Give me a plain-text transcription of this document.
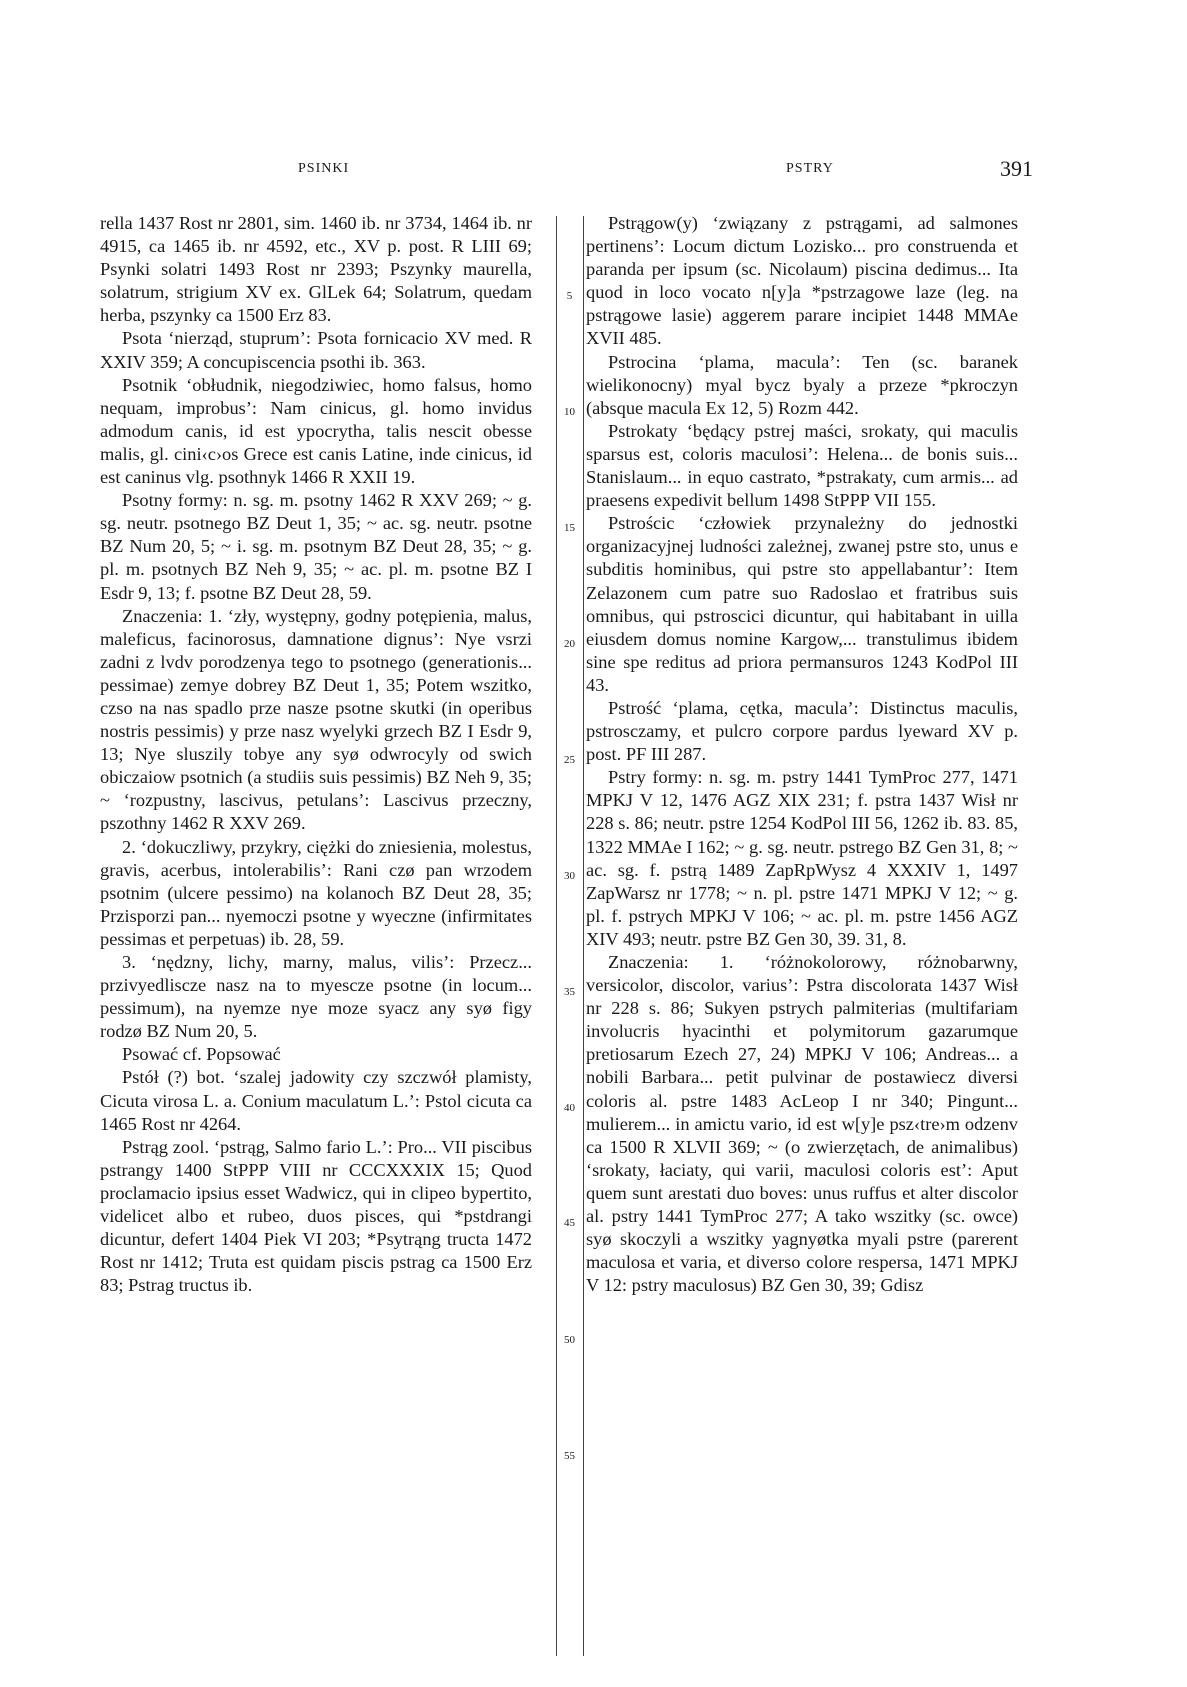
PSINKI	PSTRY	391
5
10
15
20
25
30
35
40
45
50
55

rella 1437 Rost nr 2801, sim. 1460 ib. nr 3734, 1464 ib. nr 4915, ca 1465 ib. nr 4592, etc., XV p. post. R LIII 69; Psynki solatri 1493 Rost nr 2393; Pszynky maurella, solatrum, strigium XV ex. GlLek 64; Solatrum, quedam herba, pszynky ca 1500 Erz 83.

Psota ‘nierząd, stuprum’: Psota fornicacio XV med. R XXIV 359; A concupiscencia psothi ib. 363.

Psotnik ‘obłudnik, niegodziwiec, homo falsus, homo nequam, improbus’: Nam cinicus, gl. homo invidus admodum canis, id est ypocrytha, talis nescit obesse malis, gl. cini‹c›os Grece est canis Latine, inde cinicus, id est caninus vlg. psothnyk 1466 R XXII 19.

Psotny formy: n. sg. m. psotny 1462 R XXV 269; ~ g. sg. neutr. psotnego BZ Deut 1, 35; ~ ac. sg. neutr. psotne BZ Num 20, 5; ~ i. sg. m. psotnym BZ Deut 28, 35; ~ g. pl. m. psotnych BZ Neh 9, 35; ~ ac. pl. m. psotne BZ I Esdr 9, 13; f. psotne BZ Deut 28, 59.

Znaczenia: 1. ‘zły, występny, godny potępienia, malus, maleficus, facinorosus, damnatione dignus’: Nye vsrzi zadni z lvdv porodzenya tego to psotnego (generationis... pessimae) zemye dobrey BZ Deut 1, 35; Potem wszitko, czso na nas spadlo prze nasze psotne skutki (in operibus nostris pessimis) y prze nasz wyelyki grzech BZ I Esdr 9, 13; Nye sluszily tobye any syø odwrocyly od swich obiczaiow psotnich (a studiis suis pessimis) BZ Neh 9, 35; ~ ‘rozpustny, lascivus, petulans’: Lascivus przeczny, pszothny 1462 R XXV 269.

2. ‘dokuczliwy, przykry, ciężki do zniesienia, molestus, gravis, acerbus, intolerabilis’: Rani czø pan wrzodem psotnim (ulcere pessimo) na kolanoch BZ Deut 28, 35; Przisporzi pan... nyemoczi psotne y wyeczne (infirmitates pessimas et perpetuas) ib. 28, 59.

3. ‘nędzny, lichy, marny, malus, vilis’: Przecz... przivyedliscze nasz na to myescze psotne (in locum... pessimum), na nyemze nye moze syacz any syø figy rodzø BZ Num 20, 5.

Psować cf. Popsować

Pstół (?) bot. ‘szalej jadowity czy szczwół plamisty, Cicuta virosa L. a. Conium maculatum L.’: Pstol cicuta ca 1465 Rost nr 4264.

Pstrąg zool. ‘pstrąg, Salmo fario L.’: Pro... VII piscibus pstrangy 1400 StPPP VIII nr CCCXXXIX 15; Quod proclamacio ipsius esset Wadwicz, qui in clipeo bypertito, videlicet albo et rubeo, duos pisces, qui *pstdrangi dicuntur, defert 1404 Piek VI 203; *Psytrąng tructa 1472 Rost nr 1412; Truta est quidam piscis pstrag ca 1500 Erz 83; Pstrag tructus ib.

Pstrągow(y) ‘związany z pstrągami, ad salmones pertinens’: Locum dictum Lozisko... pro construenda et paranda per ipsum (sc. Nicolaum) piscina dedimus... Ita quod in loco vocato n[y]a *pstrzagowe laze (leg. na pstrągowe lasie) aggerem parare incipiet 1448 MMAe XVII 485.

Pstrocina ‘plama, macula’: Ten (sc. baranek wielikonocny) myal bycz byaly a przeze *pkroczyn (absque macula Ex 12, 5) Rozm 442.

Pstrokaty ‘będący pstrej maści, srokaty, qui maculis sparsus est, coloris maculosi’: Helena... de bonis suis... Stanislaum... in equo castrato, *pstrakaty, cum armis... ad praesens expedivit bellum 1498 StPPP VII 155.

Pstrościc ‘człowiek przynależny do jednostki organizacyjnej ludności zależnej, zwanej pstre sto, unus e subditis hominibus, qui pstre sto appellabantur’: Item Zelazonem cum patre suo Radoslao et fratribus suis omnibus, qui pstroscici dicuntur, qui habitabant in uilla eiusdem domus nomine Kargow,... transtulimus ibidem sine spe reditus ad priora permansuros 1243 KodPol III 43.

Pstrość ‘plama, cętka, macula’: Distinctus maculis, pstrosczamy, et pulcro corpore pardus lyeward XV p. post. PF III 287.

Pstry formy: n. sg. m. pstry 1441 TymProc 277, 1471 MPKJ V 12, 1476 AGZ XIX 231; f. pstra 1437 Wisł nr 228 s. 86; neutr. pstre 1254 KodPol III 56, 1262 ib. 83. 85, 1322 MMAe I 162; ~ g. sg. neutr. pstrego BZ Gen 31, 8; ~ ac. sg. f. pstrą 1489 ZapRpWysz 4 XXXIV 1, 1497 ZapWarsz nr 1778; ~ n. pl. pstre 1471 MPKJ V 12; ~ g. pl. f. pstrych MPKJ V 106; ~ ac. pl. m. pstre 1456 AGZ XIV 493; neutr. pstre BZ Gen 30, 39. 31, 8.

Znaczenia: 1. ‘różnokolorowy, różnobarwny, versicolor, discolor, varius’: Pstra discolorata 1437 Wisł nr 228 s. 86; Sukyen pstrych palmiterias (multifariam involucris hyacinthi et polymitorum gazarumque pretiosarum Ezech 27, 24) MPKJ V 106; Andreas... a nobili Barbara... petit pulvinar de postawiecz diversi coloris al. pstre 1483 AcLeop I nr 340; Pingunt... mulierem... in amictu vario, id est w[y]e psz‹tre›m odzenv ca 1500 R XLVII 369; ~ (o zwierzętach, de animalibus) ‘srokaty, łaciaty, qui varii, maculosi coloris est’: Aput quem sunt arestati duo boves: unus ruffus et alter discolor al. pstry 1441 TymProc 277; A tako wszitky (sc. owce) syø skoczyli a wszitky yagnyøtka myali pstre (parerent maculosa et varia, et diverso colore respersa, 1471 MPKJ V 12: pstry maculosus) BZ Gen 30, 39; Gdisz
